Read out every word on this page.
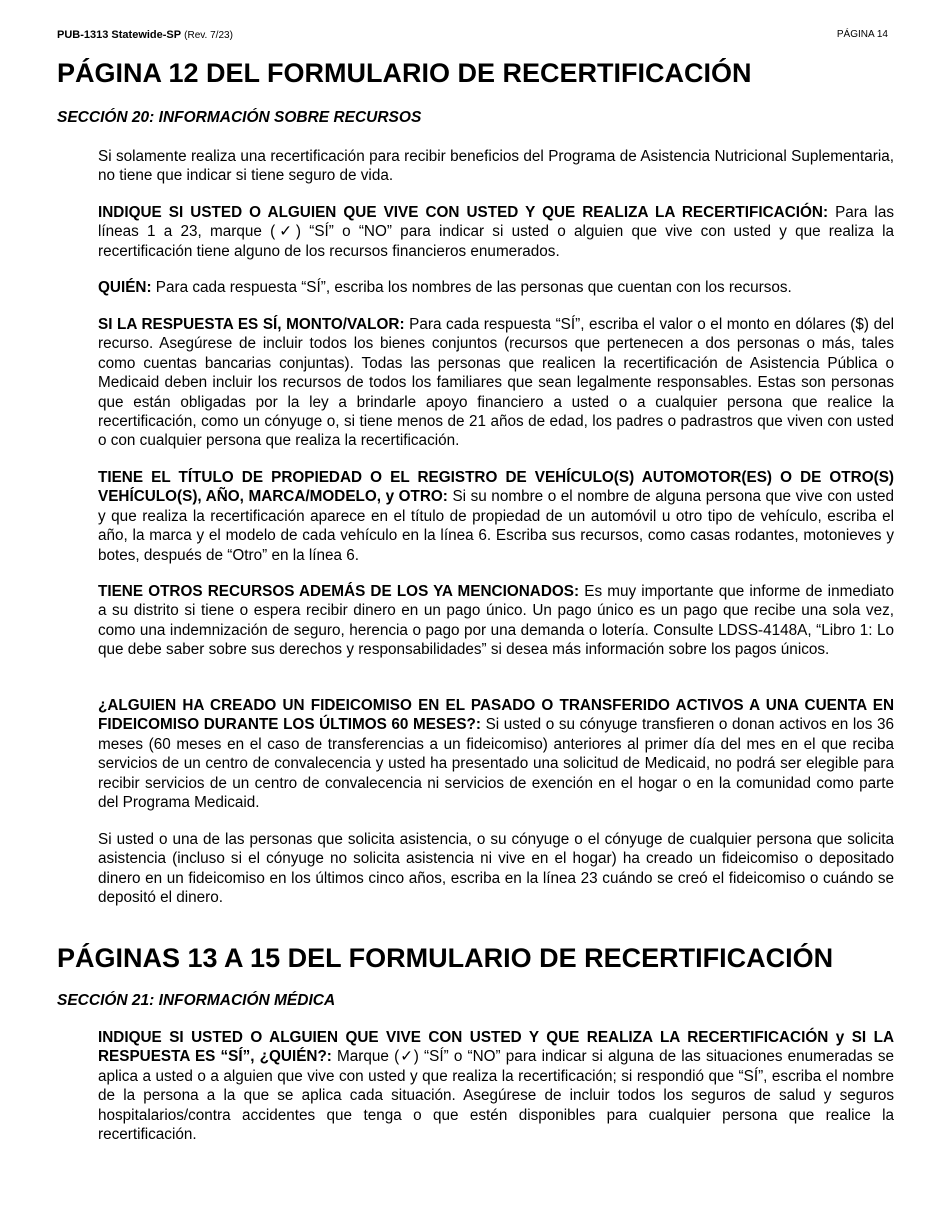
PUB-1313 Statewide-SP (Rev. 7/23)	PÁGINA 14
PÁGINA 12 DEL FORMULARIO DE RECERTIFICACIÓN
SECCIÓN 20: INFORMACIÓN SOBRE RECURSOS

Si solamente realiza una recertificación para recibir beneficios del Programa de Asistencia Nutricional Suplementaria, no tiene que indicar si tiene seguro de vida.

INDIQUE SI USTED O ALGUIEN QUE VIVE CON USTED Y QUE REALIZA LA RECERTIFICACIÓN: Para las líneas 1 a 23, marque (✓) “SÍ” o “NO” para indicar si usted o alguien que vive con usted y que realiza la recertificación tiene alguno de los recursos financieros enumerados.

QUIÉN: Para cada respuesta “SÍ”, escriba los nombres de las personas que cuentan con los recursos.

SI LA RESPUESTA ES SÍ, MONTO/VALOR: Para cada respuesta “SÍ”, escriba el valor o el monto en dólares ($) del recurso. Asegúrese de incluir todos los bienes conjuntos (recursos que pertenecen a dos personas o más, tales como cuentas bancarias conjuntas). Todas las personas que realicen la recertificación de Asistencia Pública o Medicaid deben incluir los recursos de todos los familiares que sean legalmente responsables. Estas son personas que están obligadas por la ley a brindarle apoyo financiero a usted o a cualquier persona que realice la recertificación, como un cónyuge o, si tiene menos de 21 años de edad, los padres o padrastros que viven con usted o con cualquier persona que realiza la recertificación.

TIENE EL TÍTULO DE PROPIEDAD O EL REGISTRO DE VEHÍCULO(S) AUTOMOTOR(ES) O DE OTRO(S) VEHÍCULO(S), AÑO, MARCA/MODELO, y OTRO: Si su nombre o el nombre de alguna persona que vive con usted y que realiza la recertificación aparece en el título de propiedad de un automóvil u otro tipo de vehículo, escriba el año, la marca y el modelo de cada vehículo en la línea 6. Escriba sus recursos, como casas rodantes, motonieves y botes, después de “Otro” en la línea 6.

TIENE OTROS RECURSOS ADEMÁS DE LOS YA MENCIONADOS: Es muy importante que informe de inmediato a su distrito si tiene o espera recibir dinero en un pago único. Un pago único es un pago que recibe una sola vez, como una indemnización de seguro, herencia o pago por una demanda o lotería. Consulte LDSS-4148A, “Libro 1: Lo que debe saber sobre sus derechos y responsabilidades” si desea más información sobre los pagos únicos.

¿ALGUIEN HA CREADO UN FIDEICOMISO EN EL PASADO O TRANSFERIDO ACTIVOS A UNA CUENTA EN FIDEICOMISO DURANTE LOS ÚLTIMOS 60 MESES?: Si usted o su cónyuge transfieren o donan activos en los 36 meses (60 meses en el caso de transferencias a un fideicomiso) anteriores al primer día del mes en el que reciba servicios de un centro de convalecencia y usted ha presentado una solicitud de Medicaid, no podrá ser elegible para recibir servicios de un centro de convalecencia ni servicios de exención en el hogar o en la comunidad como parte del Programa Medicaid.

Si usted o una de las personas que solicita asistencia, o su cónyuge o el cónyuge de cualquier persona que solicita asistencia (incluso si el cónyuge no solicita asistencia ni vive en el hogar) ha creado un fideicomiso o depositado dinero en un fideicomiso en los últimos cinco años, escriba en la línea 23 cuándo se creó el fideicomiso o cuándo se depositó el dinero.

PÁGINAS 13 A 15 DEL FORMULARIO DE RECERTIFICACIÓN
SECCIÓN 21: INFORMACIÓN MÉDICA

INDIQUE SI USTED O ALGUIEN QUE VIVE CON USTED Y QUE REALIZA LA RECERTIFICACIÓN y SI LA RESPUESTA ES “SÍ”, ¿QUIÉN?: Marque (✓) “SÍ” o “NO” para indicar si alguna de las situaciones enumeradas se aplica a usted o a alguien que vive con usted y que realiza la recertificación; si respondió que “SÍ”, escriba el nombre de la persona a la que se aplica cada situación. Asegúrese de incluir todos los seguros de salud y seguros hospitalarios/contra accidentes que tenga o que estén disponibles para cualquier persona que realice la recertificación.
